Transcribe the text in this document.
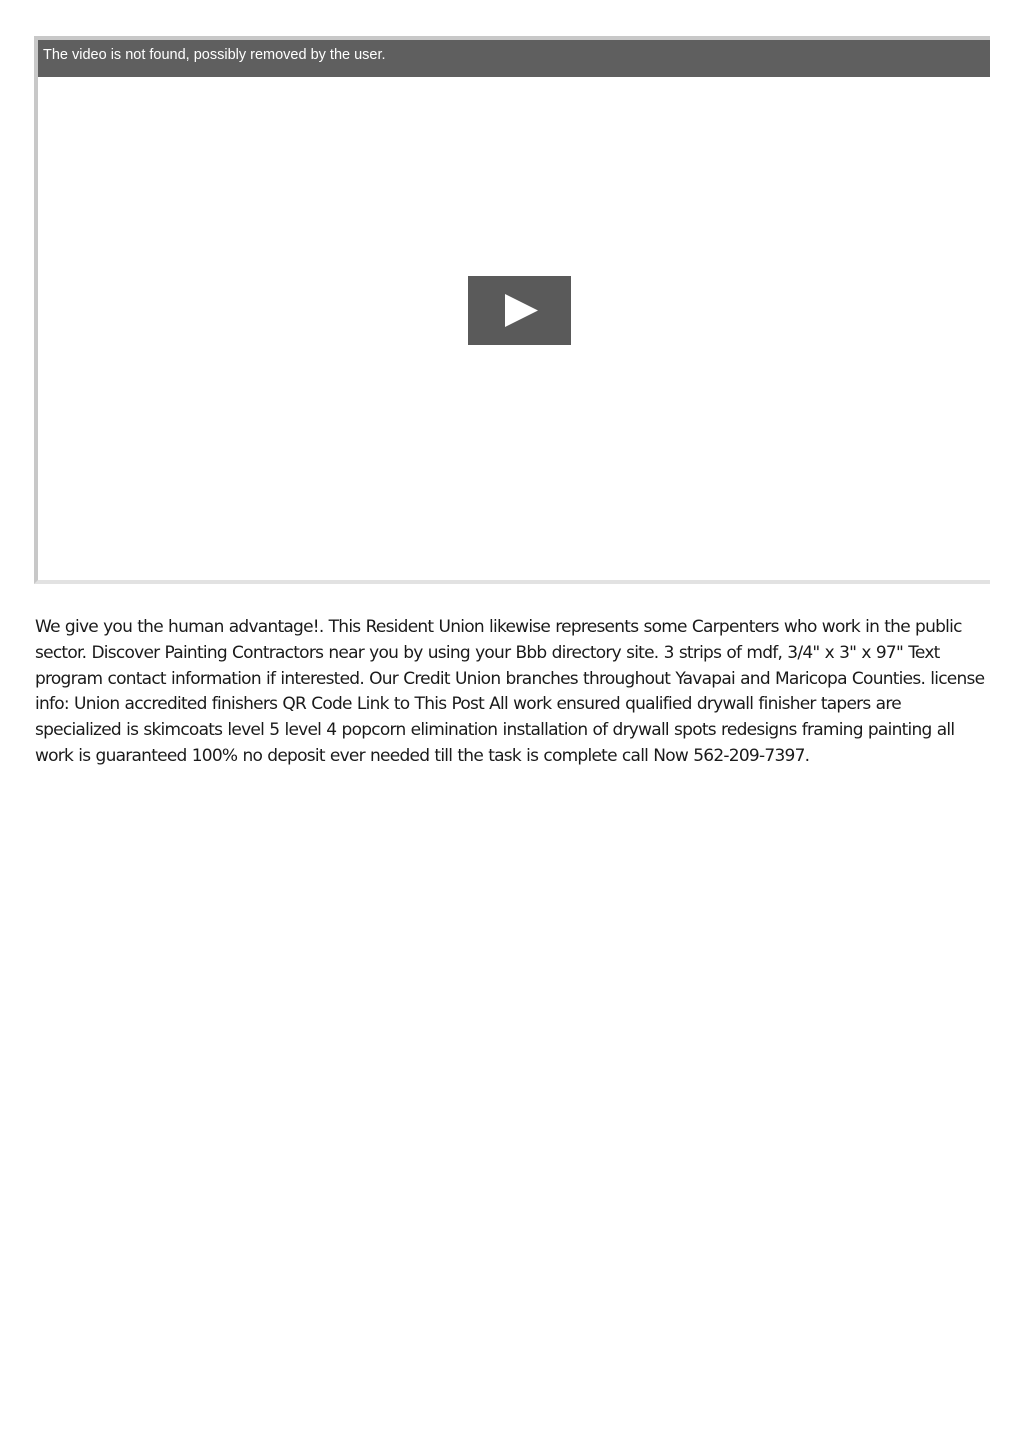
The video is not found, possibly removed by the user.

We give you the human advantage!. This Resident Union likewise represents some Carpenters who work in the public sector. Discover Painting Contractors near you by using your Bbb directory site. 3 strips of mdf, 3/4" x 3" x 97" Text program contact information if interested. Our Credit Union branches throughout Yavapai and Maricopa Counties. license info: Union accredited finishers QR Code Link to This Post All work ensured qualified drywall finisher tapers are specialized is skimcoats level 5 level 4 popcorn elimination installation of drywall spots redesigns framing painting all work is guaranteed 100% no deposit ever needed till the task is complete call Now 562-209-7397.
